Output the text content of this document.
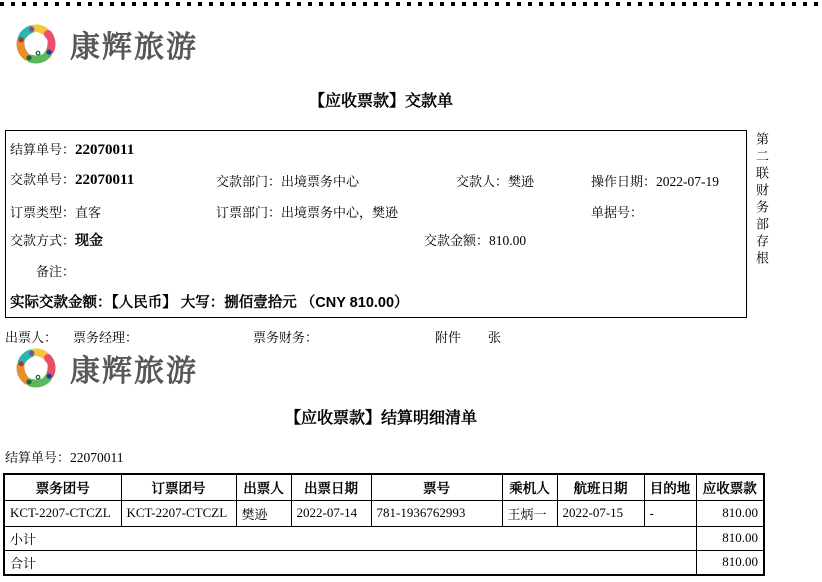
康辉旅游
【应收票款】交款单
结算单号：22070011
交款单号：22070011	交款部门：出境票务中心	交款人：樊逊	操作日期：2022-07-19
订票类型：直客	订票部门：出境票务中心，樊逊	单据号：
交款方式：现金	交款金额：810.00
备注：
实际交款金额：【人民币】 大写：捌佰壹拾元 （CNY 810.00）
第二联财务部存根
出票人： 票务经理：	票务财务：	附件 张
康辉旅游
【应收票款】结算明细清单
结算单号：22070011
票务团号	订票团号	出票人	出票日期	票号	乘机人	航班日期	目的地	应收票款
KCT-2207-CTCZL	KCT-2207-CTCZL	樊逊	2022-07-14	781-1936762993	王炳一	2022-07-15	-	810.00
小计								810.00
合计								810.00
